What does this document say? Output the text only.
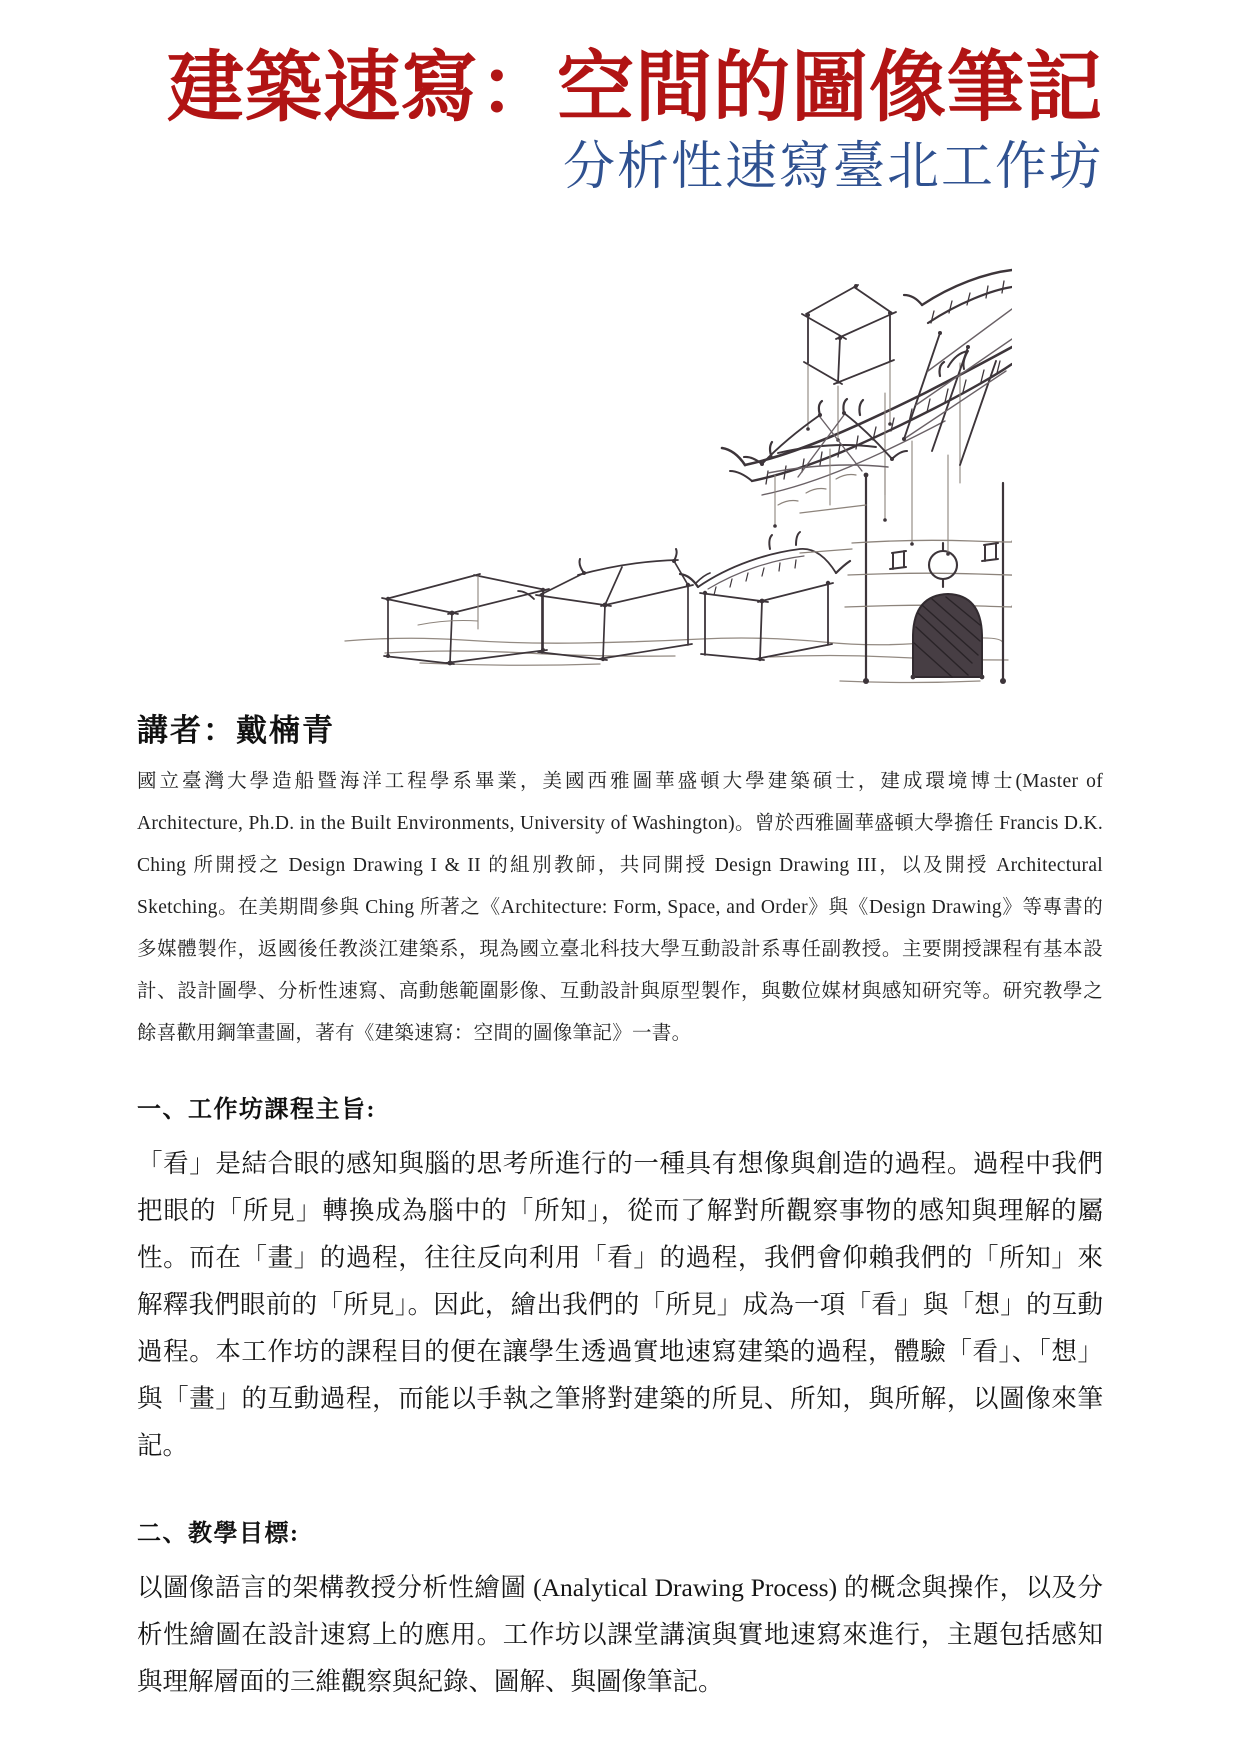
建築速寫：空間的圖像筆記
分析性速寫臺北工作坊
講者：戴楠青

國立臺灣大學造船暨海洋工程學系畢業，美國西雅圖華盛頓大學建築碩士，建成環境博士(Master of Architecture, Ph.D. in the Built Environments, University of Washington)。曾於西雅圖華盛頓大學擔任 Francis D.K. Ching 所開授之 Design Drawing I & II 的組別教師，共同開授 Design Drawing III，以及開授 Architectural Sketching。在美期間參與 Ching 所著之《Architecture: Form, Space, and Order》與《Design Drawing》等專書的多媒體製作，返國後任教淡江建築系，現為國立臺北科技大學互動設計系專任副教授。主要開授課程有基本設計、設計圖學、分析性速寫、高動態範圍影像、互動設計與原型製作，與數位媒材與感知研究等。研究教學之餘喜歡用鋼筆畫圖，著有《建築速寫：空間的圖像筆記》一書。

一、工作坊課程主旨:

「看」是結合眼的感知與腦的思考所進行的一種具有想像與創造的過程。過程中我們把眼的「所見」轉換成為腦中的「所知」，從而了解對所觀察事物的感知與理解的屬性。而在「畫」的過程，往往反向利用「看」的過程，我們會仰賴我們的「所知」來解釋我們眼前的「所見」。因此，繪出我們的「所見」成為一項「看」與「想」的互動過程。本工作坊的課程目的便在讓學生透過實地速寫建築的過程，體驗「看」、「想」與「畫」的互動過程，而能以手執之筆將對建築的所見、所知，與所解，以圖像來筆記。

二、教學目標:

以圖像語言的架構教授分析性繪圖 (Analytical Drawing Process) 的概念與操作，以及分析性繪圖在設計速寫上的應用。工作坊以課堂講演與實地速寫來進行，主題包括感知與理解層面的三維觀察與紀錄、圖解、與圖像筆記。
